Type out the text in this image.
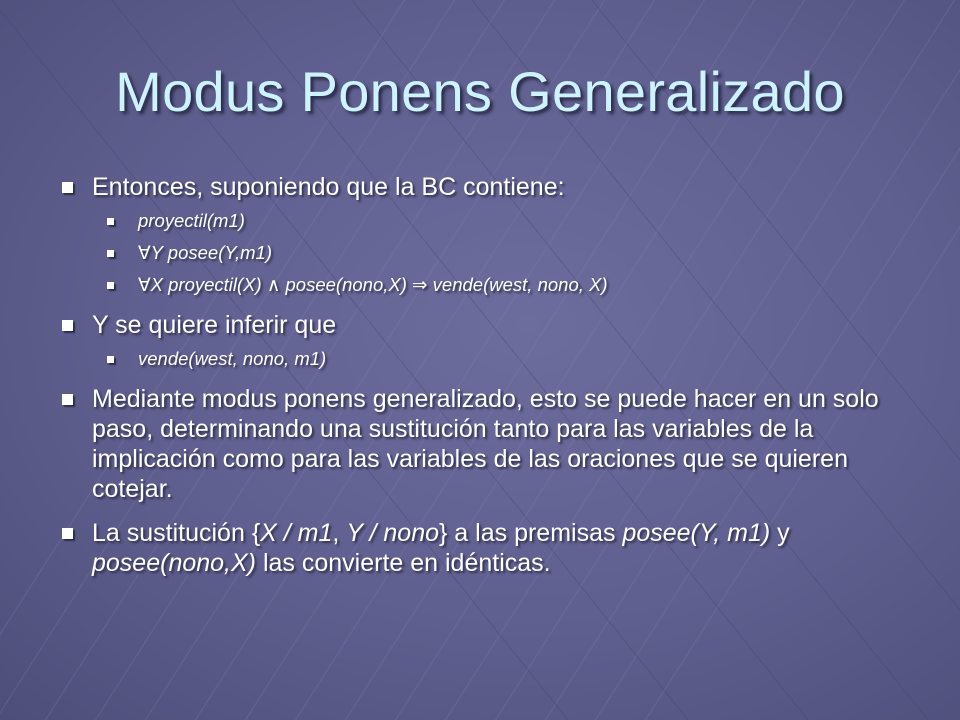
Modus Ponens Generalizado
Entonces, suponiendo que la BC contiene:
proyectil(m1)
∀Y posee(Y,m1)
∀X proyectil(X) ∧ posee(nono,X) ⇒ vende(west, nono, X)
Y se quiere inferir que
vende(west, nono, m1)
Mediante modus ponens generalizado, esto se puede hacer en un solo paso, determinando una sustitución tanto para las variables de la implicación como para las variables de las oraciones que se quieren cotejar.
La sustitución {X / m1, Y / nono} a las premisas posee(Y, m1) y posee(nono,X) las convierte en idénticas.
